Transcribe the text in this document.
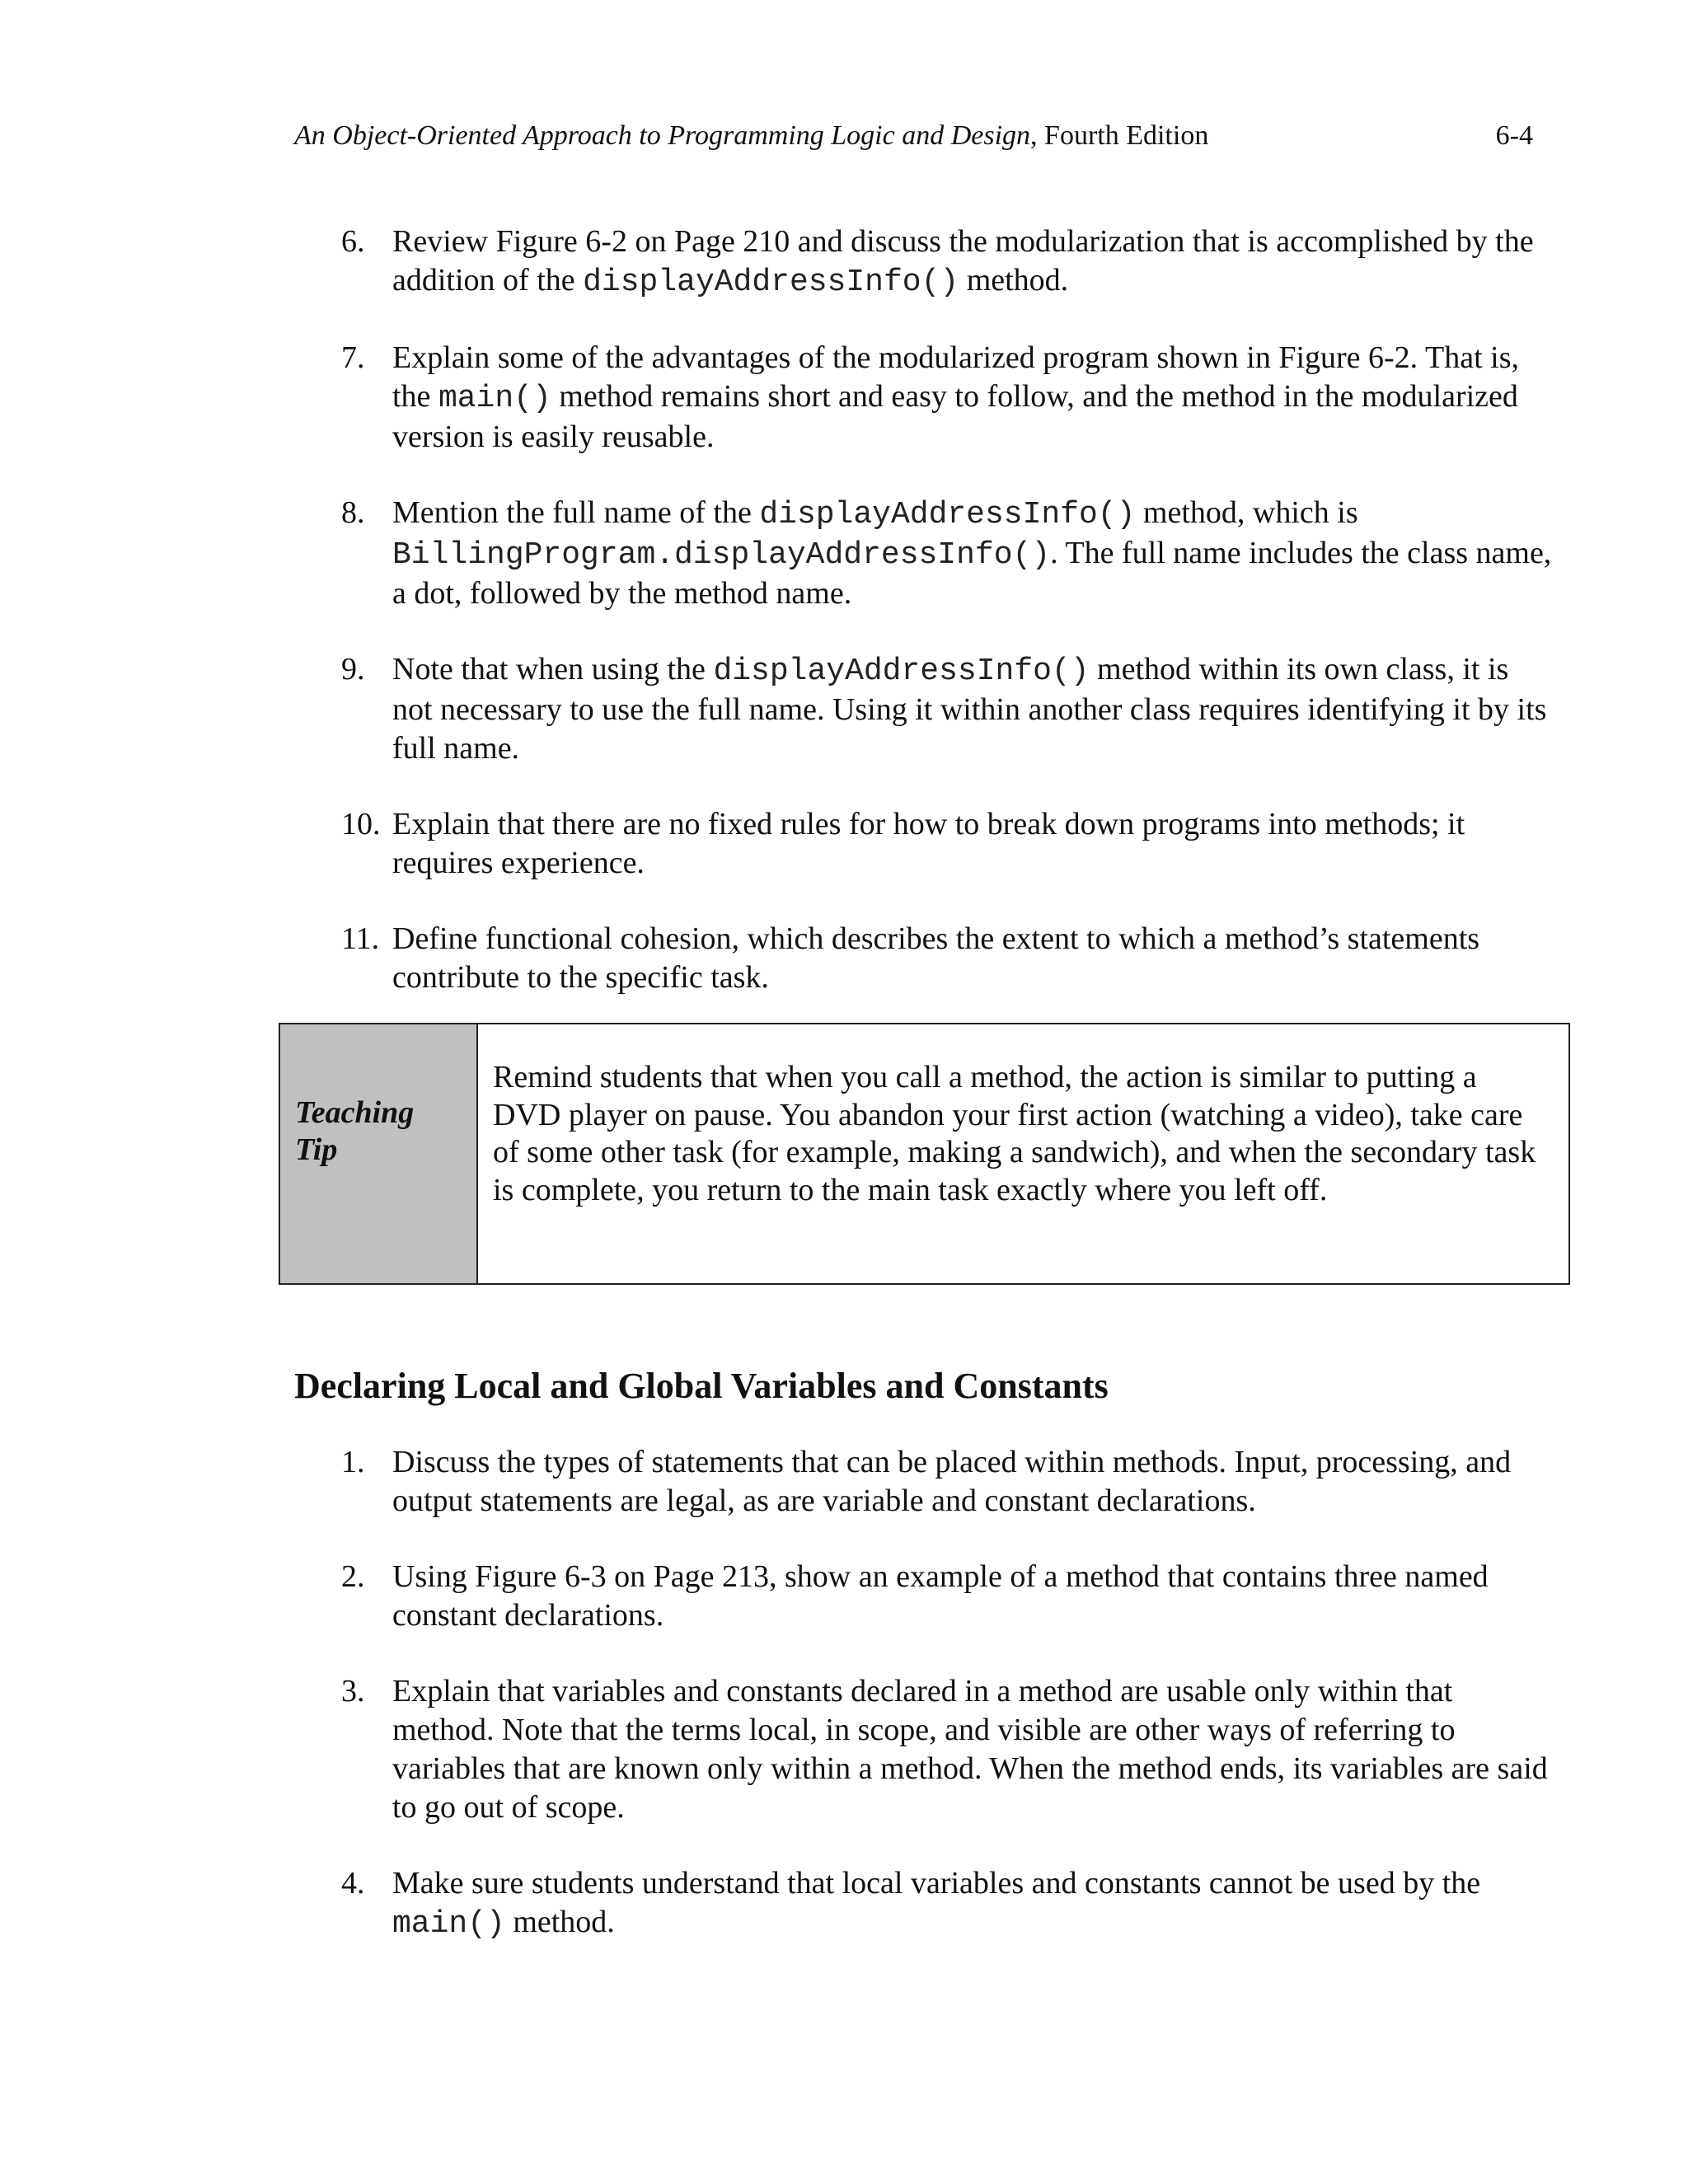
An Object-Oriented Approach to Programming Logic and Design, Fourth Edition	6-4
6. Review Figure 6-2 on Page 210 and discuss the modularization that is accomplished by the addition of the displayAddressInfo() method.
7. Explain some of the advantages of the modularized program shown in Figure 6-2. That is, the main() method remains short and easy to follow, and the method in the modularized version is easily reusable.
8. Mention the full name of the displayAddressInfo() method, which is BillingProgram.displayAddressInfo(). The full name includes the class name, a dot, followed by the method name.
9. Note that when using the displayAddressInfo() method within its own class, it is not necessary to use the full name. Using it within another class requires identifying it by its full name.
10. Explain that there are no fixed rules for how to break down programs into methods; it requires experience.
11. Define functional cohesion, which describes the extent to which a method’s statements contribute to the specific task.
Teaching
Tip
Remind students that when you call a method, the action is similar to putting a DVD player on pause. You abandon your first action (watching a video), take care of some other task (for example, making a sandwich), and when the secondary task is complete, you return to the main task exactly where you left off.
Declaring Local and Global Variables and Constants
1. Discuss the types of statements that can be placed within methods. Input, processing, and output statements are legal, as are variable and constant declarations.
2. Using Figure 6-3 on Page 213, show an example of a method that contains three named constant declarations.
3. Explain that variables and constants declared in a method are usable only within that method. Note that the terms local, in scope, and visible are other ways of referring to variables that are known only within a method. When the method ends, its variables are said to go out of scope.
4. Make sure students understand that local variables and constants cannot be used by the main() method.
